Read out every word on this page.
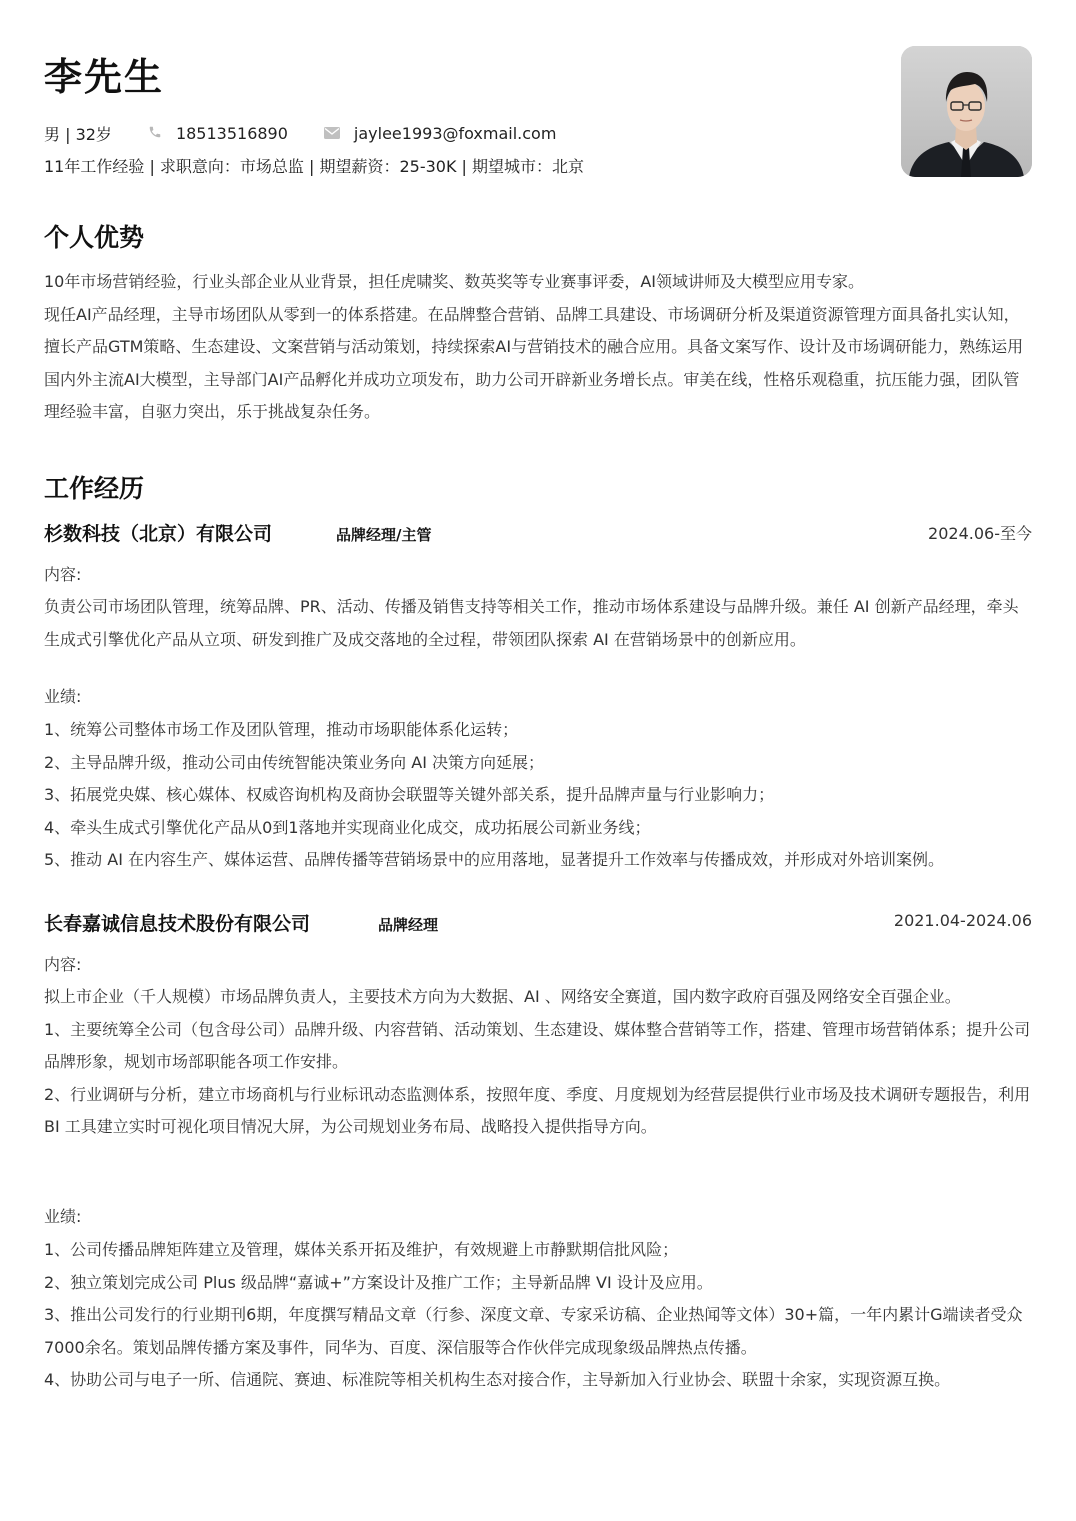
李先生
男 | 32岁	18513516890	jaylee1993@foxmail.com
11年工作经验 | 求职意向：市场总监 | 期望薪资：25-30K | 期望城市：北京
个人优势

10年市场营销经验，行业头部企业从业背景，担任虎啸奖、数英奖等专业赛事评委，AI领域讲师及大模型应用专家。

现任AI产品经理，主导市场团队从零到一的体系搭建。在品牌整合营销、品牌工具建设、市场调研分析及渠道资源管理方面具备扎实认知，擅长产品GTM策略、生态建设、文案营销与活动策划，持续探索AI与营销技术的融合应用。具备文案写作、设计及市场调研能力，熟练运用国内外主流AI大模型，主导部门AI产品孵化并成功立项发布，助力公司开辟新业务增长点。审美在线，性格乐观稳重，抗压能力强，团队管理经验丰富，自驱力突出，乐于挑战复杂任务。

工作经历
杉数科技（北京）有限公司	品牌经理/主管	2024.06-至今
内容:

负责公司市场团队管理，统筹品牌、PR、活动、传播及销售支持等相关工作，推动市场体系建设与品牌升级。兼任 AI 创新产品经理，牵头生成式引擎优化产品从立项、研发到推广及成交落地的全过程，带领团队探索 AI 在营销场景中的创新应用。

业绩:
1、统筹公司整体市场工作及团队管理，推动市场职能体系化运转；
2、主导品牌升级，推动公司由传统智能决策业务向 AI 决策方向延展；
3、拓展党央媒、核心媒体、权威咨询机构及商协会联盟等关键外部关系，提升品牌声量与行业影响力；
4、牵头生成式引擎优化产品从0到1落地并实现商业化成交，成功拓展公司新业务线；
5、推动 AI 在内容生产、媒体运营、品牌传播等营销场景中的应用落地，显著提升工作效率与传播成效，并形成对外培训案例。
长春嘉诚信息技术股份有限公司	品牌经理	2021.04-2024.06
内容:

拟上市企业（千人规模）市场品牌负责人，主要技术方向为大数据、AI 、网络安全赛道，国内数字政府百强及网络安全百强企业。

1、主要统筹全公司（包含母公司）品牌升级、内容营销、活动策划、生态建设、媒体整合营销等工作，搭建、管理市场营销体系；提升公司品牌形象，规划市场部职能各项工作安排。

2、行业调研与分析，建立市场商机与行业标讯动态监测体系，按照年度、季度、月度规划为经营层提供行业市场及技术调研专题报告，利用 BI 工具建立实时可视化项目情况大屏，为公司规划业务布局、战略投入提供指导方向。

业绩:
1、公司传播品牌矩阵建立及管理，媒体关系开拓及维护，有效规避上市静默期信批风险；
2、独立策划完成公司 Plus 级品牌“嘉诚+”方案设计及推广工作；主导新品牌 VI 设计及应用。
3、推出公司发行的行业期刊6期，年度撰写精品文章（行参、深度文章、专家采访稿、企业热闻等文体）30+篇，一年内累计G端读者受众7000余名。策划品牌传播方案及事件，同华为、百度、深信服等合作伙伴完成现象级品牌热点传播。
4、协助公司与电子一所、信通院、赛迪、标准院等相关机构生态对接合作，主导新加入行业协会、联盟十余家，实现资源互换。
